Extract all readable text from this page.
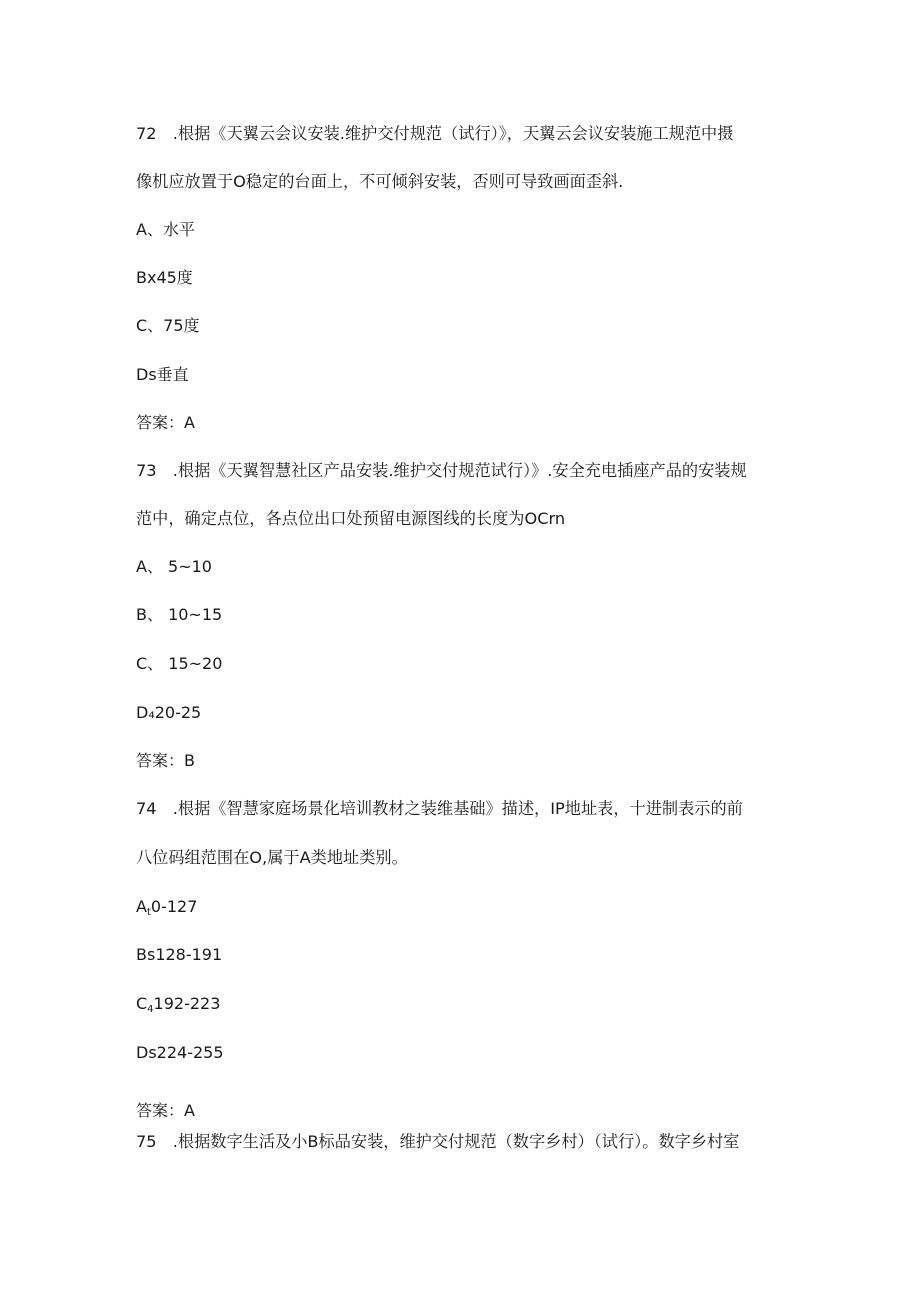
72　.根据《天翼云会议安装.维护交付规范（试行）》，天翼云会议安装施工规范中摄
像机应放置于O稳定的台面上，不可倾斜安装，否则可导致画面歪斜.
A、水平
Bx45度
C、75度
Ds垂直
答案：A
73　.根据《天翼智慧社区产品安装.维护交付规范试行）》.安全充电插座产品的安装规
范中，确定点位，各点位出口处预留电源图线的长度为OCrn
A、 5~10
B、 10~15
C、 15~20
D₄20-25
答案：B
74　.根据《智慧家庭场景化培训教材之装维基础》描述，IP地址表，十进制表示的前
八位码组范围在O,属于A类地址类别。
$A_t0-127$
Bs128-191
$C_4192-223$
Ds224-255
答案：A
75　.根据数字生活及小B标品安装，维护交付规范（数字乡村）（试行）。数字乡村室
